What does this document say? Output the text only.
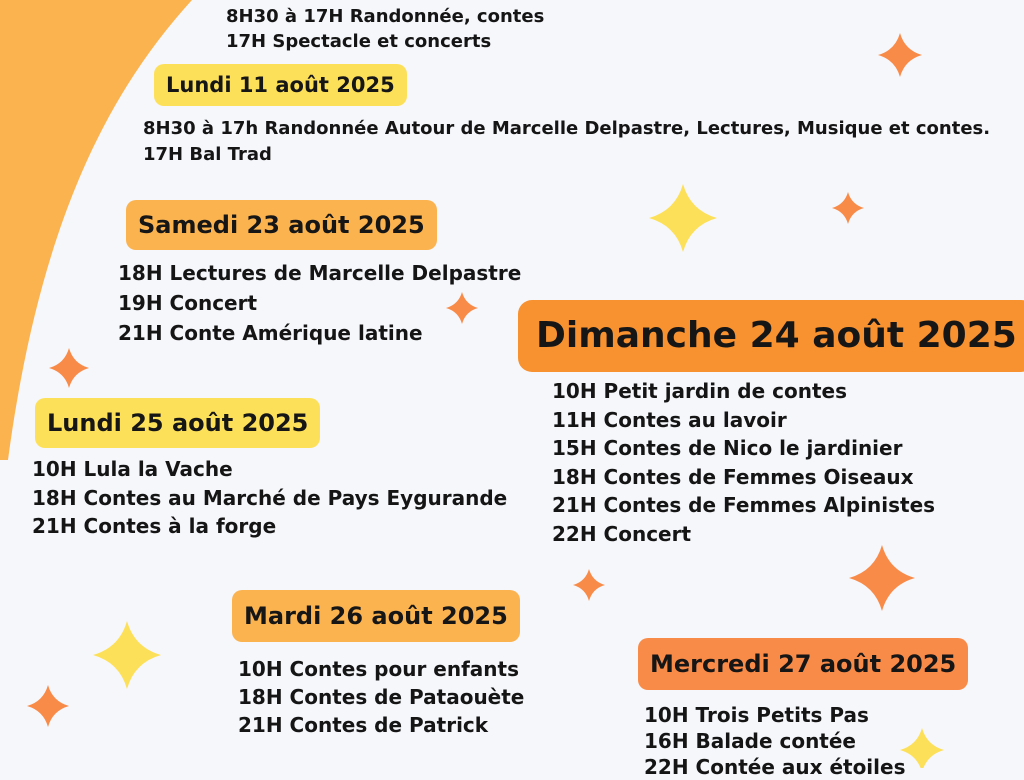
8H30 à 17H Randonnée, contes
17H Spectacle et concerts
Lundi 11 août 2025
8H30 à 17h Randonnée Autour de Marcelle Delpastre, Lectures, Musique et contes.
17H Bal Trad
Samedi 23 août 2025
18H Lectures de Marcelle Delpastre
19H Concert
21H Conte Amérique latine	Dimanche 24 août 2025
10H Petit jardin de contes
11H Contes au lavoir
15H Contes de Nico le jardinier
18H Contes de Femmes Oiseaux
21H Contes de Femmes Alpinistes
22H Concert
Lundi 25 août 2025
10H Lula la Vache
18H Contes au Marché de Pays Eygurande
21H Contes à la forge
Mardi 26 août 2025
10H Contes pour enfants
18H Contes de Pataouète
21H Contes de Patrick
Mercredi 27 août 2025
10H Trois Petits Pas
16H Balade contée
22H Contée aux étoiles
